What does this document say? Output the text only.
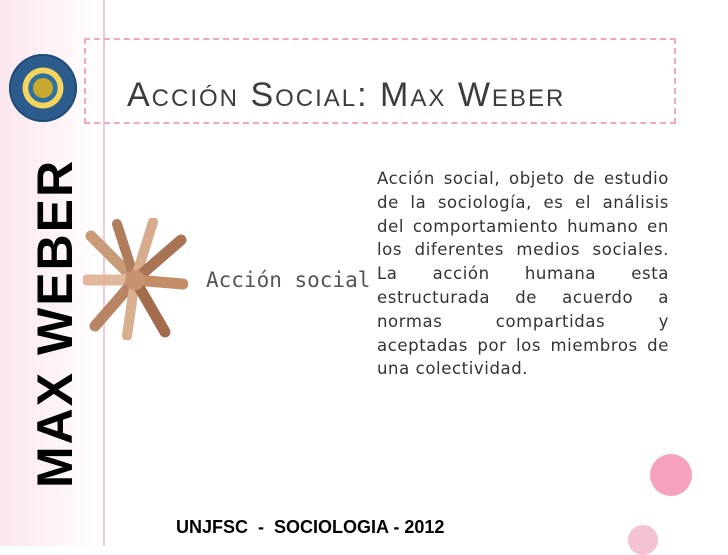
MAX WEBER
Acción Social: Max Weber
Acción social
Acción social, objeto de estudio de la sociología, es el análisis del comportamiento humano en los diferentes medios sociales. La acción humana esta estructurada de acuerdo a normas compartidas y aceptadas por los miembros de una colectividad.
UNJFSC  -  SOCIOLOGIA - 2012
